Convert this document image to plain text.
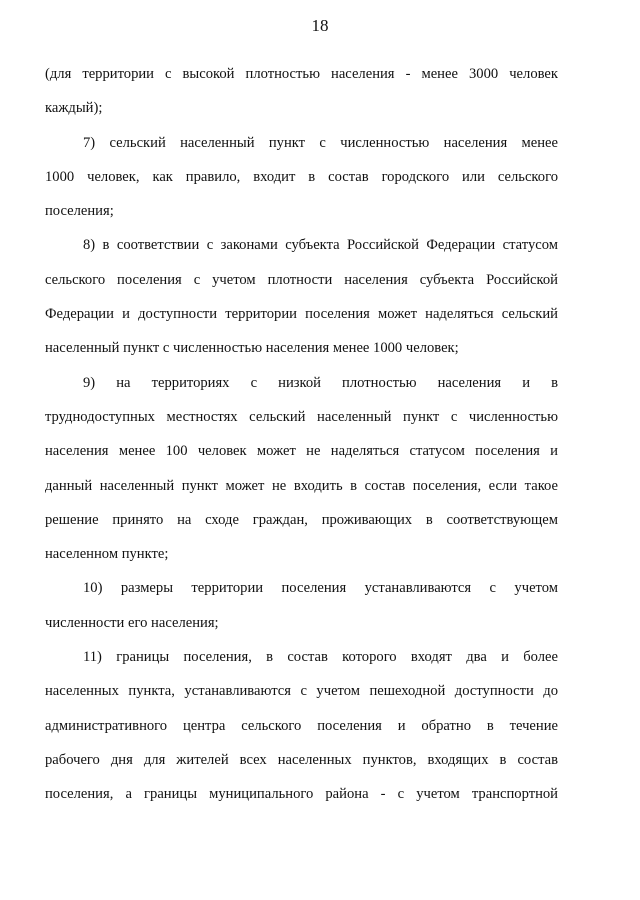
18
(для территории с высокой плотностью населения - менее 3000 человек
каждый);
7) сельский населенный пункт с численностью населения менее
1000 человек, как правило, входит в состав городского или сельского
поселения;
8) в соответствии с законами субъекта Российской Федерации статусом
сельского поселения с учетом плотности населения субъекта Российской
Федерации и доступности территории поселения может наделяться сельский
населенный пункт с численностью населения менее 1000 человек;
9) на территориях с низкой плотностью населения и в
труднодоступных местностях сельский населенный пункт с численностью
населения менее 100 человек может не наделяться статусом поселения и
данный населенный пункт может не входить в состав поселения, если такое
решение принято на сходе граждан, проживающих в соответствующем
населенном пункте;
10) размеры территории поселения устанавливаются с учетом
численности его населения;
11) границы поселения, в состав которого входят два и более
населенных пункта, устанавливаются с учетом пешеходной доступности до
административного центра сельского поселения и обратно в течение
рабочего дня для жителей всех населенных пунктов, входящих в состав
поселения, а границы муниципального района - с учетом транспортной
